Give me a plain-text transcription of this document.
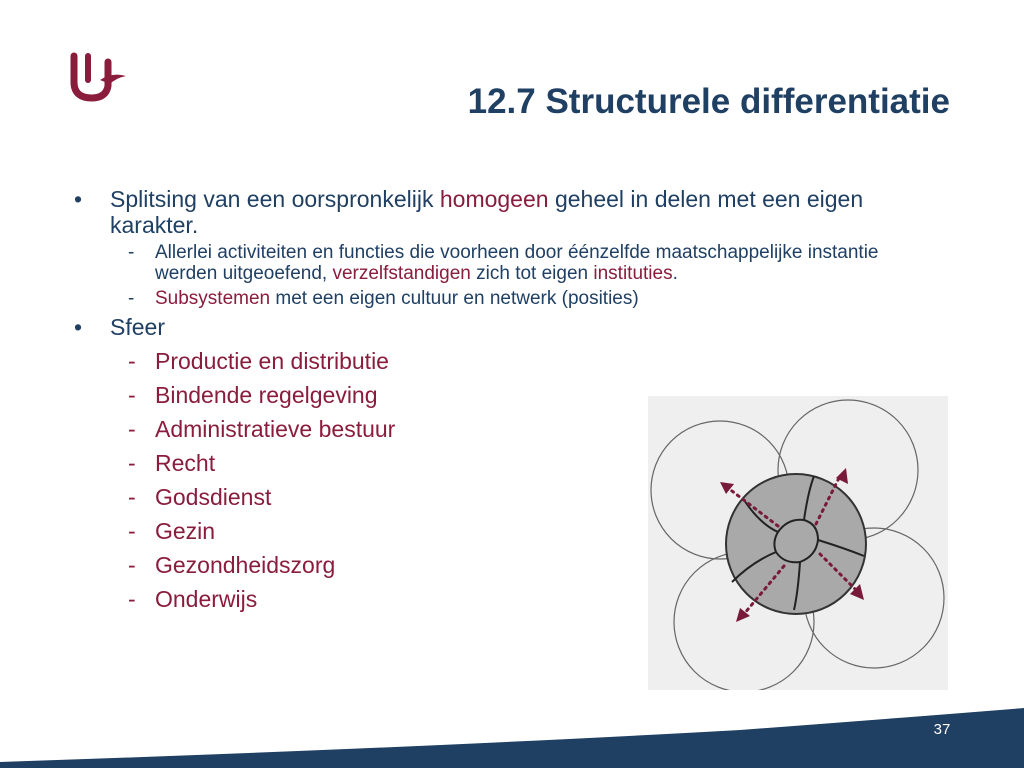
12.7 Structurele differentiatie
• Splitsing van een oorspronkelijk homogeen geheel in delen met een eigen karakter.
- Allerlei activiteiten en functies die voorheen door éénzelfde maatschappelijke instantie werden uitgeoefend, verzelfstandigen zich tot eigen instituties.
- Subsystemen met een eigen cultuur en netwerk (posities)
• Sfeer
- Productie en distributie
- Bindende regelgeving
- Administratieve bestuur
- Recht
- Godsdienst
- Gezin
- Gezondheidszorg
- Onderwijs
37
